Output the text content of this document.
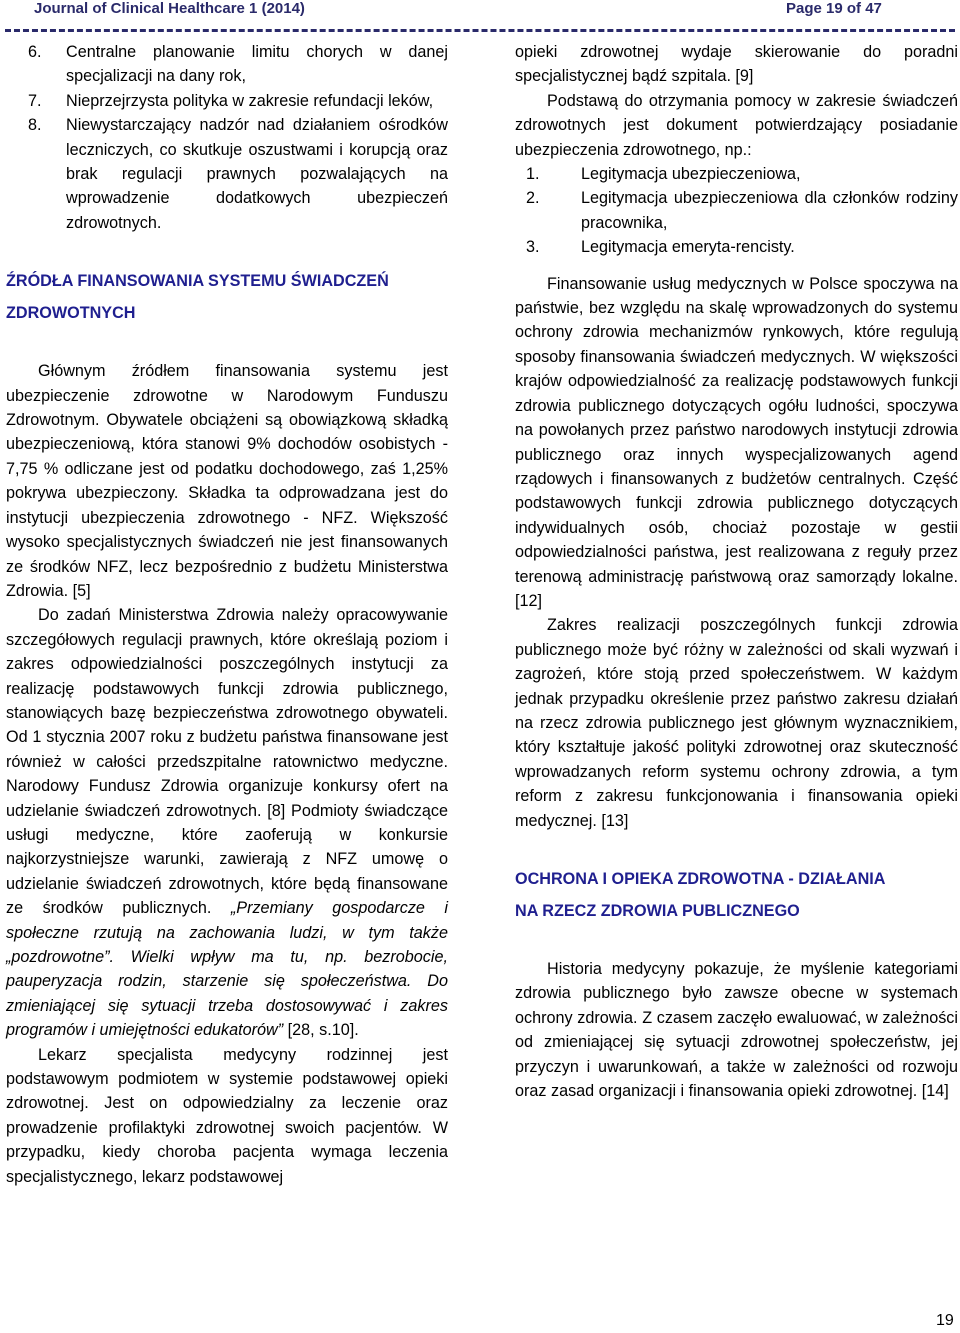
Journal of Clinical Healthcare 1 (2014)	Page 19 of 47
6.	Centralne planowanie limitu chorych w danej specjalizacji na dany rok,
7.	Nieprzejrzysta polityka w zakresie refundacji leków,
8.	Niewystarczający nadzór nad działaniem ośrodków leczniczych, co skutkuje oszustwami i korupcją oraz brak regulacji prawnych pozwalających na wprowadzenie dodatkowych ubezpieczeń zdrowotnych.
ŹRÓDŁA FINANSOWANIA SYSTEMU ŚWIADCZEŃ
ZDROWOTNYCH

Głównym źródłem finansowania systemu jest ubezpieczenie zdrowotne w Narodowym Funduszu Zdrowotnym. Obywatele obciążeni są obowiązkową składką ubezpieczeniową, która stanowi 9% dochodów osobistych - 7,75 % odliczane jest od podatku dochodowego, zaś 1,25% pokrywa ubezpieczony. Składka ta odprowadzana jest do instytucji ubezpieczenia zdrowotnego - NFZ. Większość wysoko specjalistycznych świadczeń nie jest finansowanych ze środków NFZ, lecz bezpośrednio z budżetu Ministerstwa Zdrowia. [5]

Do zadań Ministerstwa Zdrowia należy opracowywanie szczegółowych regulacji prawnych, które określają poziom i zakres odpowiedzialności poszczególnych instytucji za realizację podstawowych funkcji zdrowia publicznego, stanowiących bazę bezpieczeństwa zdrowotnego obywateli. Od 1 stycznia 2007 roku z budżetu państwa finansowane jest również w całości przedszpitalne ratownictwo medyczne. Narodowy Fundusz Zdrowia organizuje konkursy ofert na udzielanie świadczeń zdrowotnych. [8] Podmioty świadczące usługi medyczne, które zaoferują w konkursie najkorzystniejsze warunki, zawierają z NFZ umowę o udzielanie świadczeń zdrowotnych, które będą finansowane ze środków publicznych. „Przemiany gospodarcze i społeczne rzutują na zachowania ludzi, w tym także „pozdrowotne”. Wielki wpływ ma tu, np. bezrobocie, pauperyzacja rodzin, starzenie się społeczeństwa. Do zmieniającej się sytuacji trzeba dostosowywać i zakres programów i umiejętności edukatorów” [28, s.10].

Lekarz specjalista medycyny rodzinnej jest podstawowym podmiotem w systemie podstawowej opieki zdrowotnej. Jest on odpowiedzialny za leczenie oraz prowadzenie profilaktyki zdrowotnej swoich pacjentów. W przypadku, kiedy choroba pacjenta wymaga leczenia specjalistycznego, lekarz podstawowej

opieki zdrowotnej wydaje skierowanie do poradni specjalistycznej bądź szpitala. [9]

Podstawą do otrzymania pomocy w zakresie świadczeń zdrowotnych jest dokument potwierdzający posiadanie ubezpieczenia zdrowotnego, np.:

1.	Legitymacja ubezpieczeniowa,
2.	Legitymacja ubezpieczeniowa dla członków rodziny pracownika,
3.	Legitymacja emeryta-rencisty.

Finansowanie usług medycznych w Polsce spoczywa na państwie, bez względu na skalę wprowadzonych do systemu ochrony zdrowia mechanizmów rynkowych, które regulują sposoby finansowania świadczeń medycznych. W większości krajów odpowiedzialność za realizację podstawowych funkcji zdrowia publicznego dotyczących ogółu ludności, spoczywa na powołanych przez państwo narodowych instytucji zdrowia publicznego oraz innych wyspecjalizowanych agend rządowych i finansowanych z budżetów centralnych. Część podstawowych funkcji zdrowia publicznego dotyczących indywidualnych osób, chociaż pozostaje w gestii odpowiedzialności państwa, jest realizowana z reguły przez terenową administrację państwową oraz samorządy lokalne. [12]

Zakres realizacji poszczególnych funkcji zdrowia publicznego może być różny w zależności od skali wyzwań i zagrożeń, które stoją przed społeczeństwem. W każdym jednak przypadku określenie przez państwo zakresu działań na rzecz zdrowia publicznego jest głównym wyznacznikiem, który kształtuje jakość polityki zdrowotnej oraz skuteczność wprowadzanych reform systemu ochrony zdrowia, a tym reform z zakresu funkcjonowania i finansowania opieki medycznej. [13]

OCHRONA I OPIEKA ZDROWOTNA - DZIAŁANIA
NA RZECZ ZDROWIA PUBLICZNEGO

Historia medycyny pokazuje, że myślenie kategoriami zdrowia publicznego było zawsze obecne w systemach ochrony zdrowia. Z czasem zaczęło ewaluować, w zależności od zmieniającej się sytuacji zdrowotnej społeczeństw, jej przyczyn i uwarunkowań, a także w zależności od rozwoju oraz zasad organizacji i finansowania opieki zdrowotnej. [14]

19
